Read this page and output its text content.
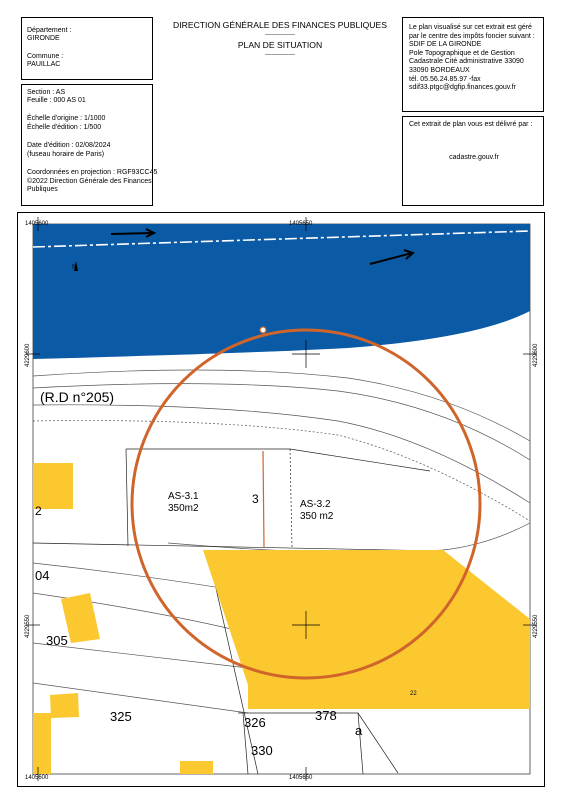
Département :
GIRONDE
Commune :
PAUILLAC
Section : AS
Feuille : 000 AS 01
Échelle d'origine : 1/1000
Échelle d'édition : 1/500
Date d'édition : 02/08/2024
(fuseau horaire de Paris)
Coordonnées en projection : RGF93CC45
©2022 Direction Générale des Finances
Publiques
DIRECTION GÉNÉRALE DES FINANCES PUBLIQUES
---------------
PLAN DE SITUATION
---------------
Le plan visualisé sur cet extrait est géré
par le centre des impôts foncier suivant :
SDIF DE LA GIRONDE
Pole Topographique et de Gestion
Cadastrale Cité administrative 33090
33090 BORDEAUX
tél. 05.56.24.85.97 -fax
sdif33.ptgc@dgfip.finances.gouv.fr
Cet extrait de plan vous est délivré par :
cadastre.gouv.fr
N
1405600	1405650
1405600	1405650
4229600
4229550
4229600
4229550
(R.D n°205)
AS-3.1
350m2	AS-3.2
350 m2
3
2
04
305
325	326
330
378
a
22
